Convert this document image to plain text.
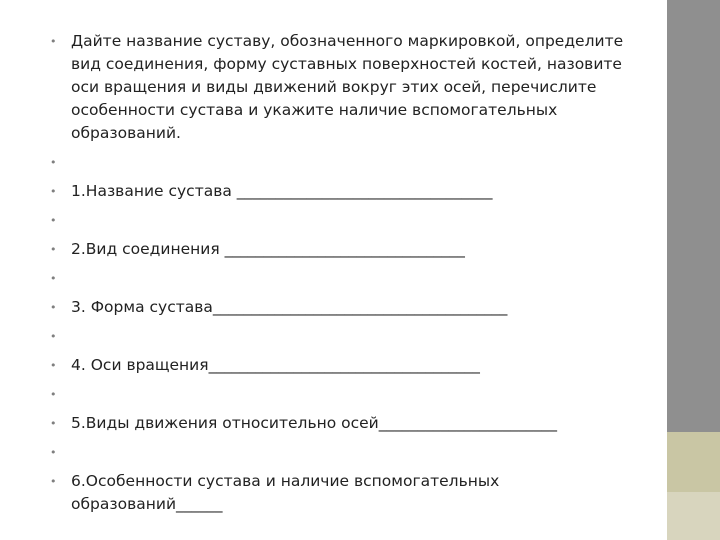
• Дайте название суставу, обозначенного маркировкой, определите вид соединения, форму суставных поверхностей костей, назовите оси вращения и виды движений вокруг этих осей, перечислите особенности сустава и укажите наличие вспомогательных образований.
•
• 1.Название сустава _________________________________
•
• 2.Вид соединения _______________________________
•
• 3. Форма сустава______________________________________
•
• 4. Оси вращения___________________________________
•
• 5.Виды движения относительно осей_______________________
•
• 6.Особенности сустава и наличие вспомогательных образований______
